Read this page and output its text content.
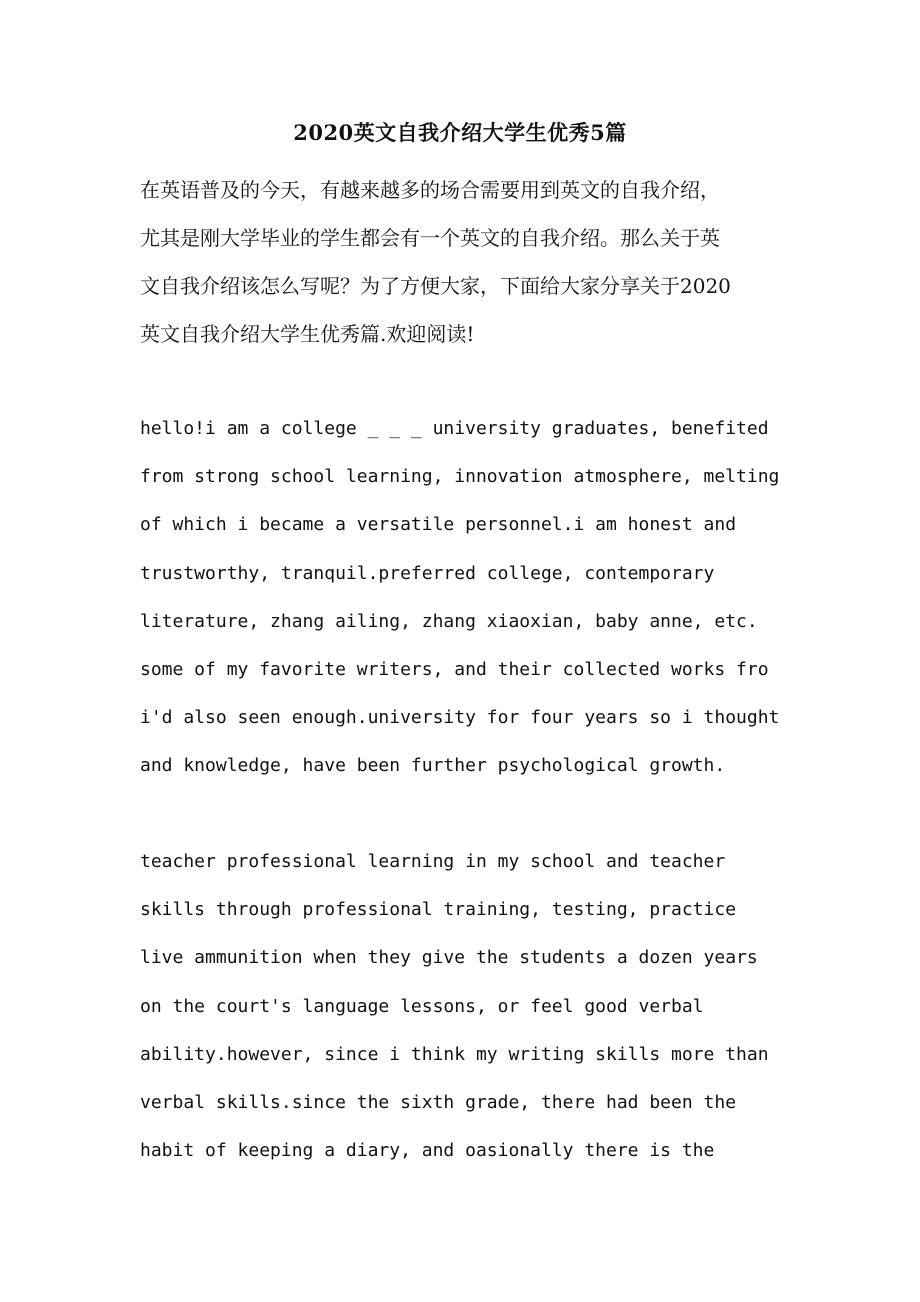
2020英文自我介绍大学生优秀5篇
在英语普及的今天，有越来越多的场合需要用到英文的自我介绍，
尤其是刚大学毕业的学生都会有一个英文的自我介绍。那么关于英
文自我介绍该怎么写呢？为了方便大家，下面给大家分享关于2020
英文自我介绍大学生优秀篇.欢迎阅读!
hello!i am a college _ _ _ university graduates, benefited
from strong school learning, innovation atmosphere, melting
of which i became a versatile personnel.i am honest and
trustworthy, tranquil.preferred college, contemporary
literature, zhang ailing, zhang xiaoxian, baby anne, etc.
some of my favorite writers, and their collected works fro
i'd also seen enough.university for four years so i thought
and knowledge, have been further psychological growth.
teacher professional learning in my school and teacher
skills through professional training, testing, practice
live ammunition when they give the students a dozen years
on the court's language lessons, or feel good verbal
ability.however, since i think my writing skills more than
verbal skills.since the sixth grade, there had been the
habit of keeping a diary, and oasionally there is the
